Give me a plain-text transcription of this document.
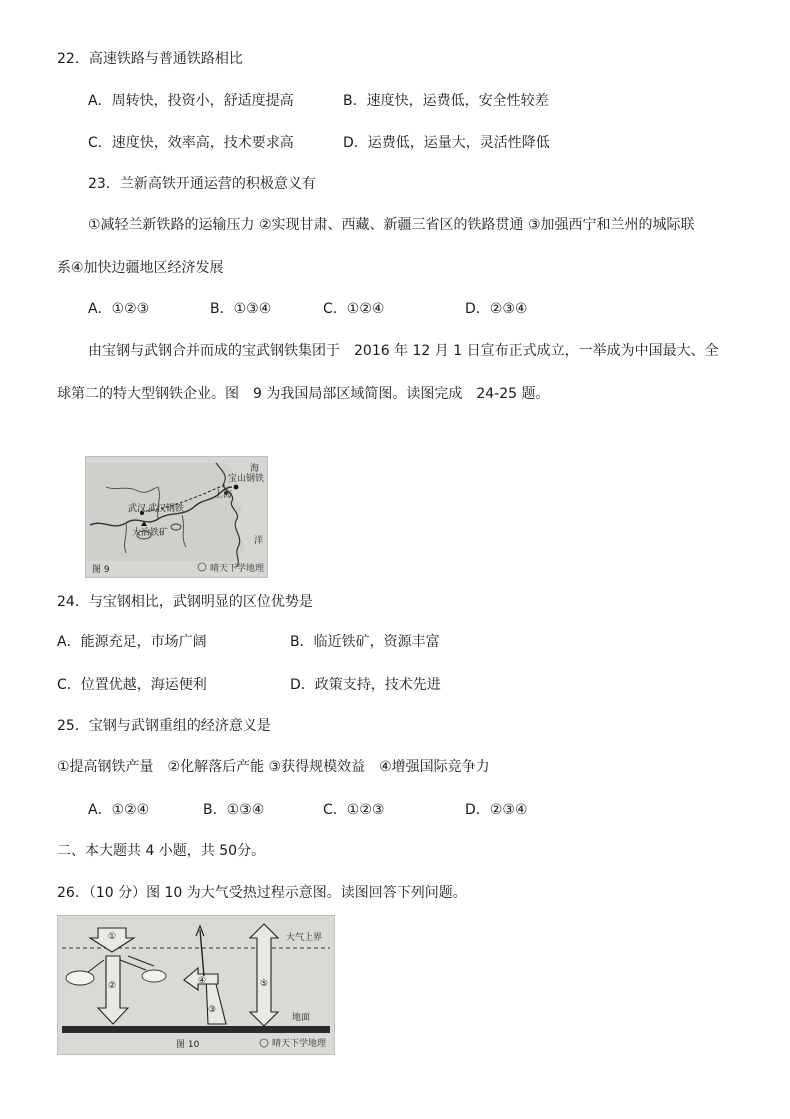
22．高速铁路与普通铁路相比
A．周转快，投资小，舒适度提高	B．速度快，运费低，安全性较差
C．速度快，效率高，技术要求高	D．运费低，运量大，灵活性降低
23．兰新高铁开通运营的积极意义有
①减轻兰新铁路的运输压力 ②实现甘肃、西藏、新疆三省区的铁路贯通 ③加强西宁和兰州的城际联
系④加快边疆地区经济发展
A．①②③	B．①③④	C．①②④	D．②③④
由宝钢与武钢合并而成的宝武钢铁集团于　2016 年 12 月 1 日宣布正式成立，一举成为中国最大、全
球第二的特大型钢铁企业。图　9 为我国局部区域简图。读图完成　24-25 题。
海
宝山钢铁
上海
武汉 武汉钢铁
大冶铁矿
洋
图 9	晴天下学地理
24．与宝钢相比，武钢明显的区位优势是
A．能源充足，市场广阔	B．临近铁矿，资源丰富
C．位置优越，海运便利	D．政策支持，技术先进
25．宝钢与武钢重组的经济意义是
①提高钢铁产量　②化解落后产能 ③获得规模效益　④增强国际竞争力
A．①②④	B．①③④	C．①②③	D．②③④
二、本大题共 4 小题，共 50分。
26．（10 分）图 10 为大气受热过程示意图。读图回答下列问题。
大气上界
地面
①
②
③
④	⑤
图 10	晴天下学地理
